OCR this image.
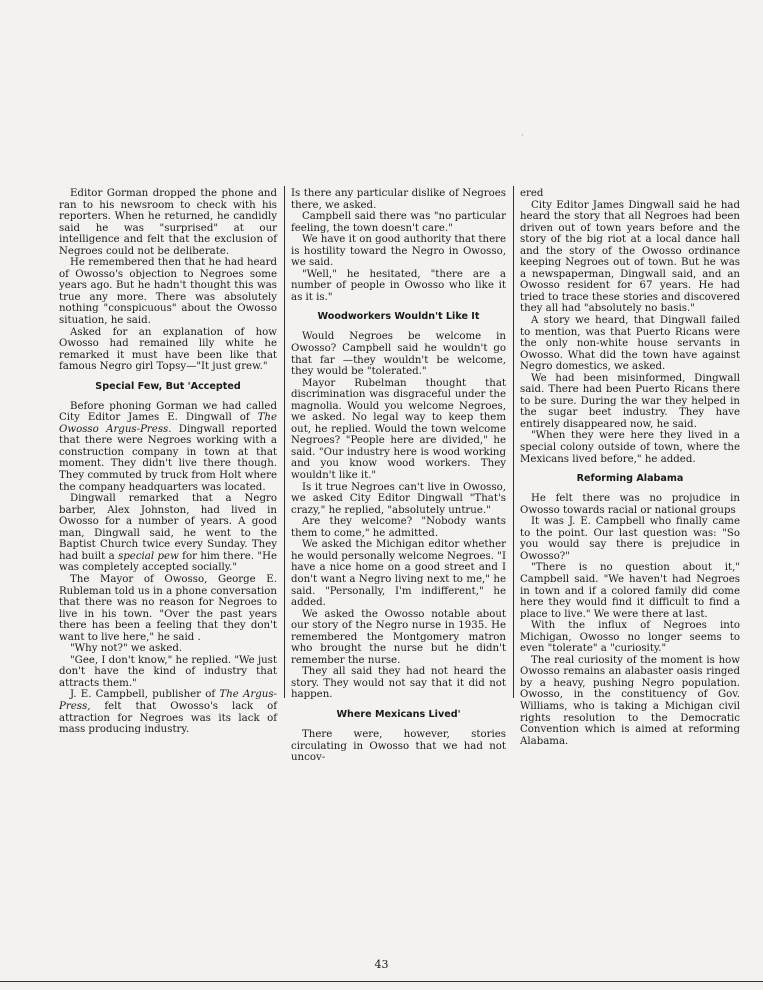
·

Editor Gorman dropped the phone and ran to his newsroom to check with his reporters. When he returned, he candidly said he was "surprised" at our intelligence and felt that the exclusion of Negroes could not be deliberate.

He remembered then that he had heard of Owosso's objection to Negroes some years ago. But he hadn't thought this was true any more. There was absolutely nothing "conspicuous" about the Owosso situation, he said.

Asked for an explanation of how Owosso had remained lily white he remarked it must have been like that famous Negro girl Topsy—"It just grew."

Special Few, But 'Accepted

Before phoning Gorman we had called City Editor James E. Dingwall of The Owosso Argus-Press. Dingwall reported that there were Negroes working with a construction company in town at that moment. They didn't live there though. They commuted by truck from Holt where the company headquarters was located.

Dingwall remarked that a Negro barber, Alex Johnston, had lived in Owosso for a number of years. A good man, Dingwall said, he went to the Baptist Church twice every Sunday. They had built a special pew for him there. "He was completely accepted socially."

The Mayor of Owosso, George E. Rubleman told us in a phone conversation that there was no reason for Negroes to live in his town. "Over the past years there has been a feeling that they don't want to live here," he said .

"Why not?" we asked.

"Gee, I don't know," he replied. "We just don't have the kind of industry that attracts them."

J. E. Campbell, publisher of The Argus-Press, felt that Owosso's lack of attraction for Negroes was its lack of mass producing industry.

Is there any particular dislike of Negroes there, we asked.

Campbell said there was "no particular feeling, the town doesn't care."

We have it on good authority that there is hostility toward the Negro in Owosso, we said.

"Well," he hesitated, "there are a number of people in Owosso who like it as it is."

Woodworkers Wouldn't Like It

Would Negroes be welcome in Owosso? Campbell said he wouldn't go that far —they wouldn't be welcome, they would be "tolerated."

Mayor Rubelman thought that discrimination was disgraceful under the magnolia. Would you welcome Negroes, we asked. No legal way to keep them out, he replied. Would the town welcome Negroes? "People here are divided," he said. "Our industry here is wood working and you know wood workers. They wouldn't like it."

Is it true Negroes can't live in Owosso, we asked City Editor Dingwall "That's crazy," he replied, "absolutely untrue."

Are they welcome? "Nobody wants them to come," he admitted.

We asked the Michigan editor whether he would personally welcome Negroes. "I have a nice home on a good street and I don't want a Negro living next to me," he said. "Personally, I'm indifferent," he added.

We asked the Owosso notable about our story of the Negro nurse in 1935. He remembered the Montgomery matron who brought the nurse but he didn't remember the nurse.

They all said they had not heard the story. They would not say that it did not happen.

Where Mexicans Lived'

There were, however, stories circulating in Owosso that we had not uncov-

ered

City Editor James Dingwall said he had heard the story that all Negroes had been driven out of town years before and the story of the big riot at a local dance hall and the story of the Owosso ordinance keeping Negroes out of town. But he was a newspaperman, Dingwall said, and an Owosso resident for 67 years. He had tried to trace these stories and discovered they all had "absolutely no basis."

A story we heard, that Dingwall failed to mention, was that Puerto Ricans were the only non-white house servants in Owosso. What did the town have against Negro domestics, we asked.

We had been misinformed, Dingwall said. There had been Puerto Ricans there to be sure. During the war they helped in the sugar beet industry. They have entirely disappeared now, he said.

"When they were here they lived in a special colony outside of town, where the Mexicans lived before," he added.

Reforming Alabama

He felt there was no projudice in Owosso towards racial or national groups

It was J. E. Campbell who finally came to the point. Our last question was: "So you would say there is prejudice in Owosso?"

"There is no question about it," Campbell said. "We haven't had Negroes in town and if a colored family did come here they would find it difficult to find a place to live." We were there at last.

With the influx of Negroes into Michigan, Owosso no longer seems to even "tolerate" a "curiosity."

The real curiosity of the moment is how Owosso remains an alabaster oasis ringed by a heavy, pushing Negro population. Owosso, in the constituency of Gov. Williams, who is taking a Michigan civil rights resolution to the Democratic Convention which is aimed at reforming Alabama.

43
